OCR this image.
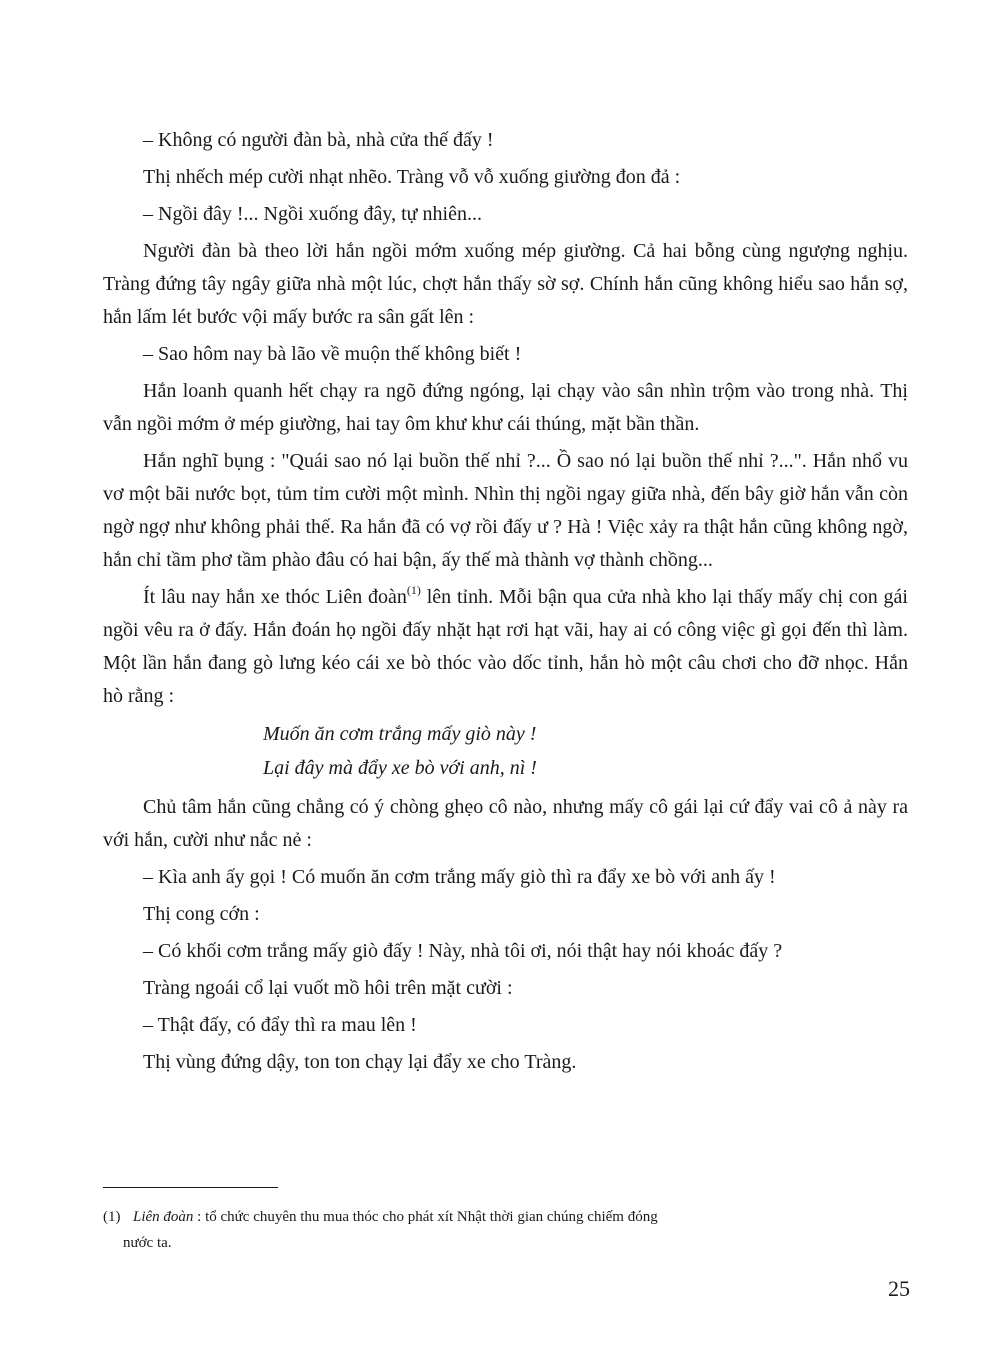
– Không có người đàn bà, nhà cửa thế đấy !

Thị nhếch mép cười nhạt nhẽo. Tràng vỗ vỗ xuống giường đon đả :

– Ngồi đây !... Ngồi xuống đây, tự nhiên...

Người đàn bà theo lời hắn ngồi mớm xuống mép giường. Cả hai bỗng cùng ngượng nghịu. Tràng đứng tây ngây giữa nhà một lúc, chợt hắn thấy sờ sợ. Chính hắn cũng không hiểu sao hắn sợ, hắn lấm lét bước vội mấy bước ra sân gất lên :

– Sao hôm nay bà lão về muộn thế không biết !

Hắn loanh quanh hết chạy ra ngõ đứng ngóng, lại chạy vào sân nhìn trộm vào trong nhà. Thị vẫn ngồi mớm ở mép giường, hai tay ôm khư khư cái thúng, mặt bần thần.

Hắn nghĩ bụng : "Quái sao nó lại buồn thế nhỉ ?... Ồ sao nó lại buồn thế nhỉ ?...". Hắn nhổ vu vơ một bãi nước bọt, tủm tỉm cười một mình. Nhìn thị ngồi ngay giữa nhà, đến bây giờ hắn vẫn còn ngờ ngợ như không phải thế. Ra hắn đã có vợ rồi đấy ư ? Hà ! Việc xảy ra thật hắn cũng không ngờ, hắn chỉ tầm phơ tầm phào đâu có hai bận, ấy thế mà thành vợ thành chồng...

Ít lâu nay hắn xe thóc Liên đoàn$^{(1)}$ lên tỉnh. Mỗi bận qua cửa nhà kho lại thấy mấy chị con gái ngồi vêu ra ở đấy. Hắn đoán họ ngồi đấy nhặt hạt rơi hạt vãi, hay ai có công việc gì gọi đến thì làm. Một lần hắn đang gò lưng kéo cái xe bò thóc vào dốc tỉnh, hắn hò một câu chơi cho đỡ nhọc. Hắn hò rằng :

Muốn ăn cơm trắng mấy giò này !
Lại đây mà đẩy xe bò với anh, nì !

Chủ tâm hắn cũng chẳng có ý chòng ghẹo cô nào, nhưng mấy cô gái lại cứ đẩy vai cô ả này ra với hắn, cười như nắc nẻ :

– Kìa anh ấy gọi ! Có muốn ăn cơm trắng mấy giò thì ra đẩy xe bò với anh ấy !

Thị cong cớn :

– Có khối cơm trắng mấy giò đấy ! Này, nhà tôi ơi, nói thật hay nói khoác đấy ?

Tràng ngoái cổ lại vuốt mồ hôi trên mặt cười :

– Thật đấy, có đẩy thì ra mau lên !

Thị vùng đứng dậy, ton ton chạy lại đẩy xe cho Tràng.

(1) Liên đoàn : tổ chức chuyên thu mua thóc cho phát xít Nhật thời gian chúng chiếm đóng
nước ta.
25
